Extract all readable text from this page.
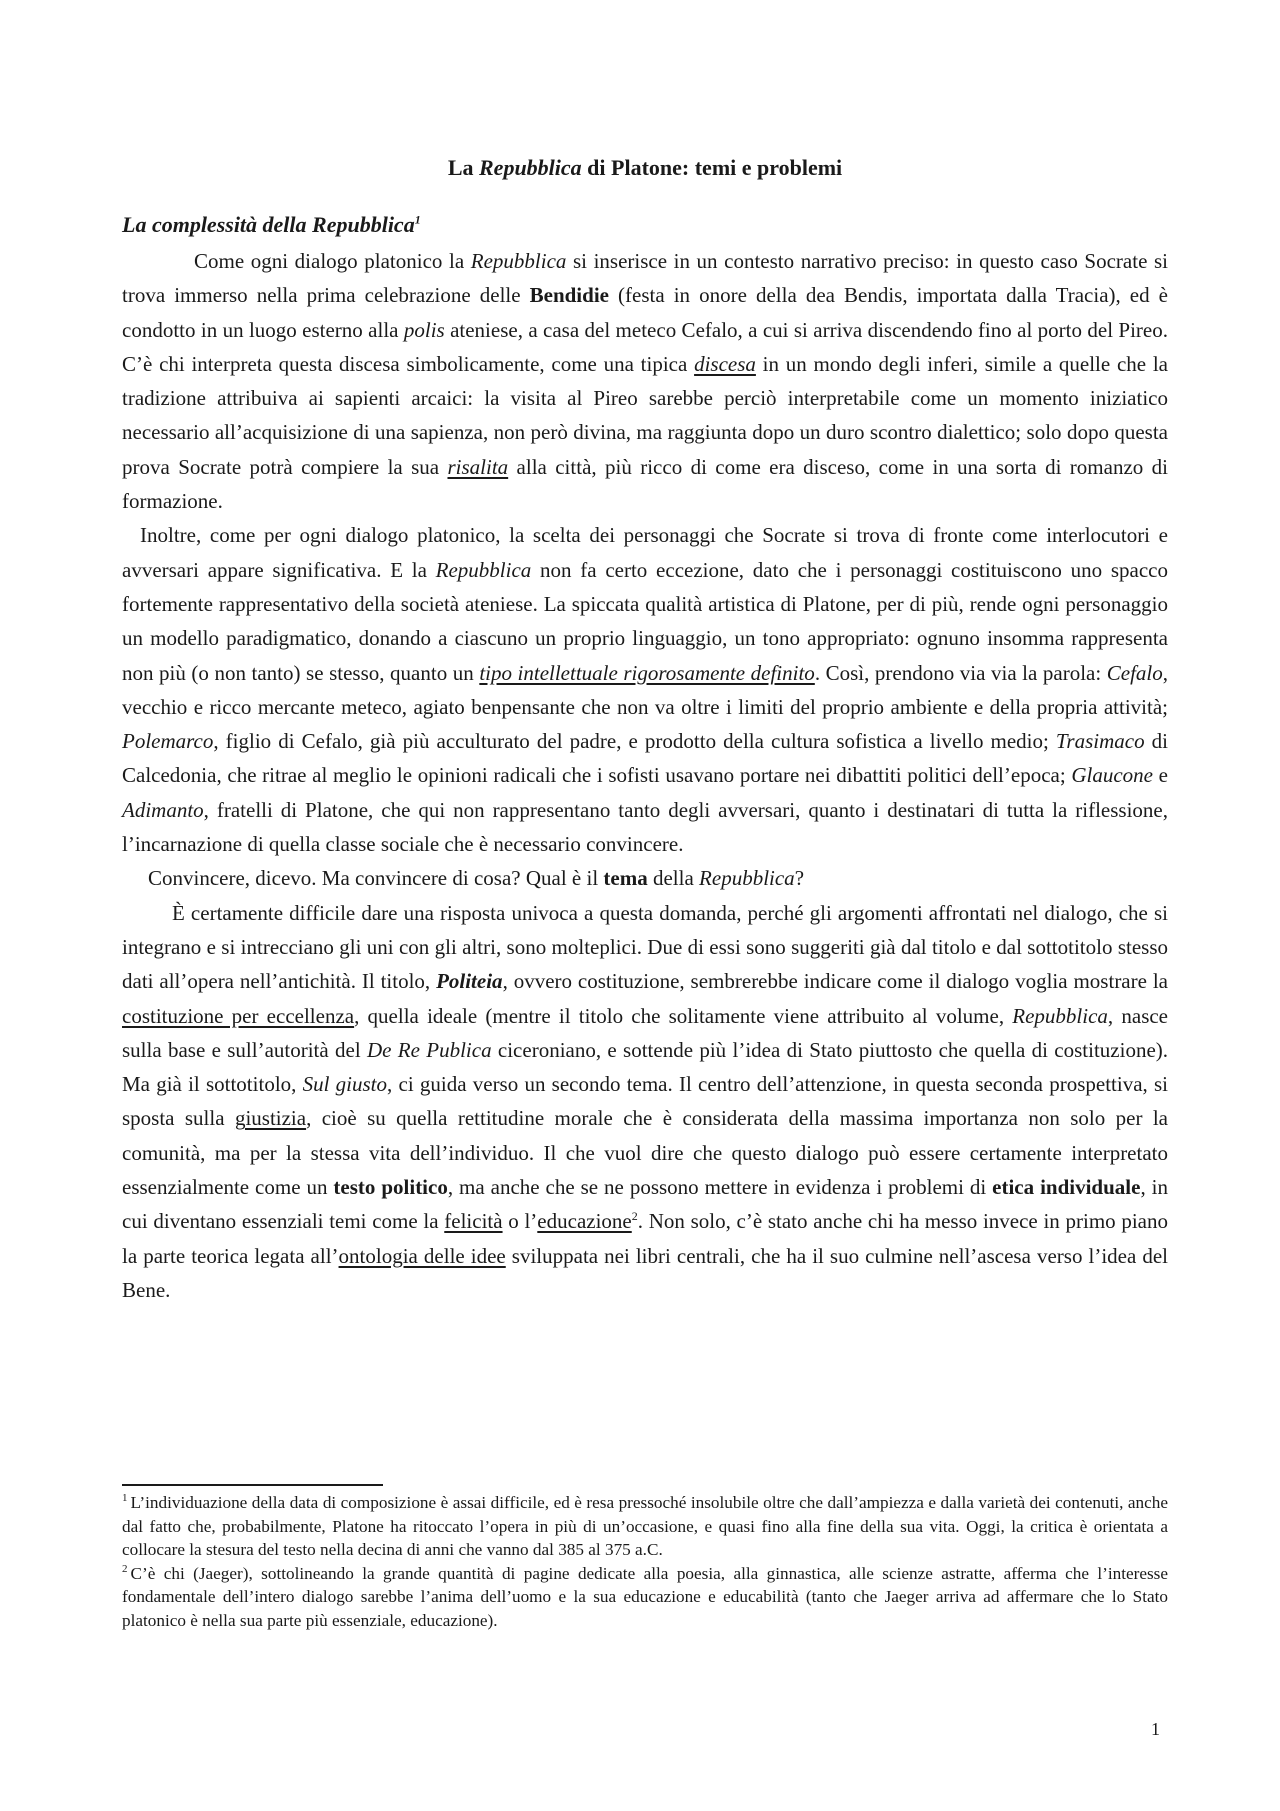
La Repubblica di Platone: temi e problemi
La complessità della Repubblica$^1$

Come ogni dialogo platonico la Repubblica si inserisce in un contesto narrativo preciso: in questo caso Socrate si trova immerso nella prima celebrazione delle Bendidie (festa in onore della dea Bendis, importata dalla Tracia), ed è condotto in un luogo esterno alla polis ateniese, a casa del meteco Cefalo, a cui si arriva discendendo fino al porto del Pireo. C’è chi interpreta questa discesa simbolicamente, come una tipica discesa in un mondo degli inferi, simile a quelle che la tradizione attribuiva ai sapienti arcaici: la visita al Pireo sarebbe perciò interpretabile come un momento iniziatico necessario all’acquisizione di una sapienza, non però divina, ma raggiunta dopo un duro scontro dialettico; solo dopo questa prova Socrate potrà compiere la sua risalita alla città, più ricco di come era disceso, come in una sorta di romanzo di formazione.

Inoltre, come per ogni dialogo platonico, la scelta dei personaggi che Socrate si trova di fronte come interlocutori e avversari appare significativa. E la Repubblica non fa certo eccezione, dato che i personaggi costituiscono uno spacco fortemente rappresentativo della società ateniese. La spiccata qualità artistica di Platone, per di più, rende ogni personaggio un modello paradigmatico, donando a ciascuno un proprio linguaggio, un tono appropriato: ognuno insomma rappresenta non più (o non tanto) se stesso, quanto un tipo intellettuale rigorosamente definito. Così, prendono via via la parola: Cefalo, vecchio e ricco mercante meteco, agiato benpensante che non va oltre i limiti del proprio ambiente e della propria attività; Polemarco, figlio di Cefalo, già più acculturato del padre, e prodotto della cultura sofistica a livello medio; Trasimaco di Calcedonia, che ritrae al meglio le opinioni radicali che i sofisti usavano portare nei dibattiti politici dell’epoca; Glaucone e Adimanto, fratelli di Platone, che qui non rappresentano tanto degli avversari, quanto i destinatari di tutta la riflessione, l’incarnazione di quella classe sociale che è necessario convincere.

Convincere, dicevo. Ma convincere di cosa? Qual è il tema della Repubblica?

È certamente difficile dare una risposta univoca a questa domanda, perché gli argomenti affrontati nel dialogo, che si integrano e si intrecciano gli uni con gli altri, sono molteplici. Due di essi sono suggeriti già dal titolo e dal sottotitolo stesso dati all’opera nell’antichità. Il titolo, Politeia, ovvero costituzione, sembrerebbe indicare come il dialogo voglia mostrare la costituzione per eccellenza, quella ideale (mentre il titolo che solitamente viene attribuito al volume, Repubblica, nasce sulla base e sull’autorità del De Re Publica ciceroniano, e sottende più l’idea di Stato piuttosto che quella di costituzione). Ma già il sottotitolo, Sul giusto, ci guida verso un secondo tema. Il centro dell’attenzione, in questa seconda prospettiva, si sposta sulla giustizia, cioè su quella rettitudine morale che è considerata della massima importanza non solo per la comunità, ma per la stessa vita dell’individuo. Il che vuol dire che questo dialogo può essere certamente interpretato essenzialmente come un testo politico, ma anche che se ne possono mettere in evidenza i problemi di etica individuale, in cui diventano essenziali temi come la felicità o l’educazione$^2$. Non solo, c’è stato anche chi ha messo invece in primo piano la parte teorica legata all’ontologia delle idee sviluppata nei libri centrali, che ha il suo culmine nell’ascesa verso l’idea del Bene.

$^1$ L’individuazione della data di composizione è assai difficile, ed è resa pressoché insolubile oltre che dall’ampiezza e dalla varietà dei contenuti, anche dal fatto che, probabilmente, Platone ha ritoccato l’opera in più di un’occasione, e quasi fino alla fine della sua vita. Oggi, la critica è orientata a collocare la stesura del testo nella decina di anni che vanno dal 385 al 375 a.C.

$^2$ C’è chi (Jaeger), sottolineando la grande quantità di pagine dedicate alla poesia, alla ginnastica, alle scienze astratte, afferma che l’interesse fondamentale dell’intero dialogo sarebbe l’anima dell’uomo e la sua educazione e educabilità (tanto che Jaeger arriva ad affermare che lo Stato platonico è nella sua parte più essenziale, educazione).

1
